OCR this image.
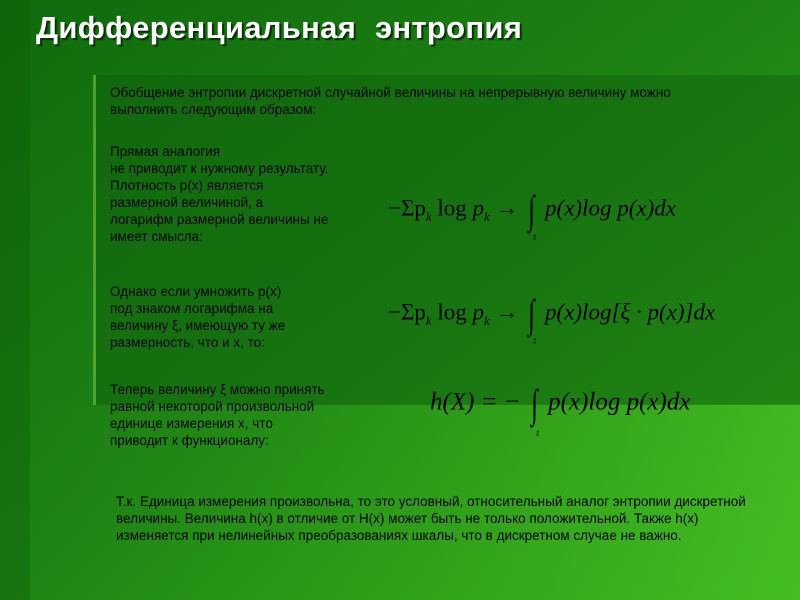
Дифференциальная энтропия
Обобщение энтропии дискретной случайной величины на непрерывную величину можно выполнить следующим образом:
Прямая аналогия
не приводит к нужному результату.
Плотность p(x) является
размерной величиной, а
логарифм размерной величины не
имеет смысла:
Однако если умножить p(x)
под знаком логарифма на
величину ξ, имеющую ту же
размерность, что и x, то:
Теперь величину ξ можно принять
равной некоторой произвольной
единице измерения x, что
приводит к функционалу:
$-\Sigma p_k$ $\log p_k$ → ∫
x
p(x)log p(x)dx
$-\Sigma p_k$ $\log p_k$ → ∫
x
p(x)log[ξ · p(x)]dx
h(X) = − ∫
x
p(x)log p(x)dx
Т.к. Единица измерения произвольна, то это условный, относительный аналог энтропии дискретной величины. Величина h(x) в отличие от H(x) может быть не только положительной. Также h(x) изменяется при нелинейных преобразованиях шкалы, что в дискретном случае не важно.
